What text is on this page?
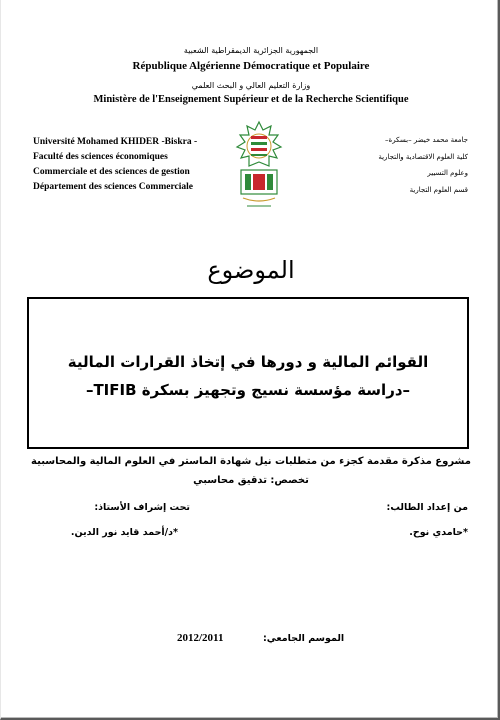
الجمهورية الجزائرية الديمقراطية الشعبية
République Algérienne Démocratique et Populaire
وزارة التعليم العالي و البحث العلمي
Ministère de l'Enseignement Supérieur et de la Recherche Scientifique
Université Mohamed KHIDER -Biskra -
Faculté des sciences économiques
Commerciale et des sciences de gestion
Département des sciences Commerciale
جامعة محمد خيضر –بسكرة–
كلية العلوم الاقتصادية والتجارية
وعلوم التسيير
قسم العلوم التجارية
الموضوع
القوائم المالية و دورها في إتخاذ القرارات المالية
–دراسة مؤسسة نسيج وتجهيز بسكرة TIFIB–
مشروع مذكرة مقدمة كجزء من متطلبات نيل شهادة الماستر في العلوم المالية والمحاسبية
تخصص: تدقيق محاسبي
من إعداد الطالب:
تحت إشراف الأستاذ:
*حامدي نوح.
*د/أحمد قايد نور الدين.
الموسم الجامعي:
2012/2011
